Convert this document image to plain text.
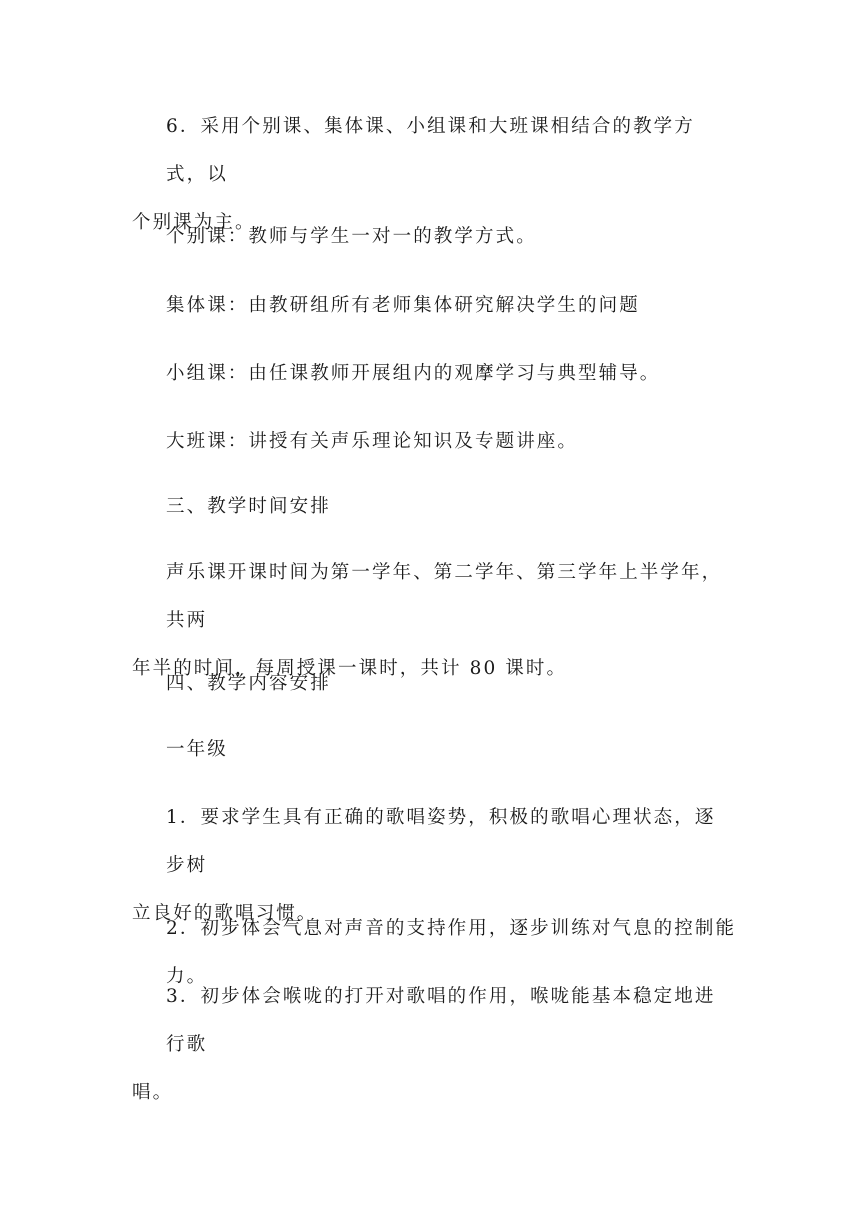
6．采用个别课、集体课、小组课和大班课相结合的教学方式，以
个别课为主。
个别课：教师与学生一对一的教学方式。
集体课：由教研组所有老师集体研究解决学生的问题
小组课：由任课教师开展组内的观摩学习与典型辅导。
大班课：讲授有关声乐理论知识及专题讲座。
三、教学时间安排
声乐课开课时间为第一学年、第二学年、第三学年上半学年，共两
年半的时间，每周授课一课时，共计 80 课时。
四、教学内容安排
一年级
1．要求学生具有正确的歌唱姿势，积极的歌唱心理状态，逐步树
立良好的歌唱习惯。
2．初步体会气息对声音的支持作用，逐步训练对气息的控制能力。
3．初步体会喉咙的打开对歌唱的作用，喉咙能基本稳定地进行歌
唱。
